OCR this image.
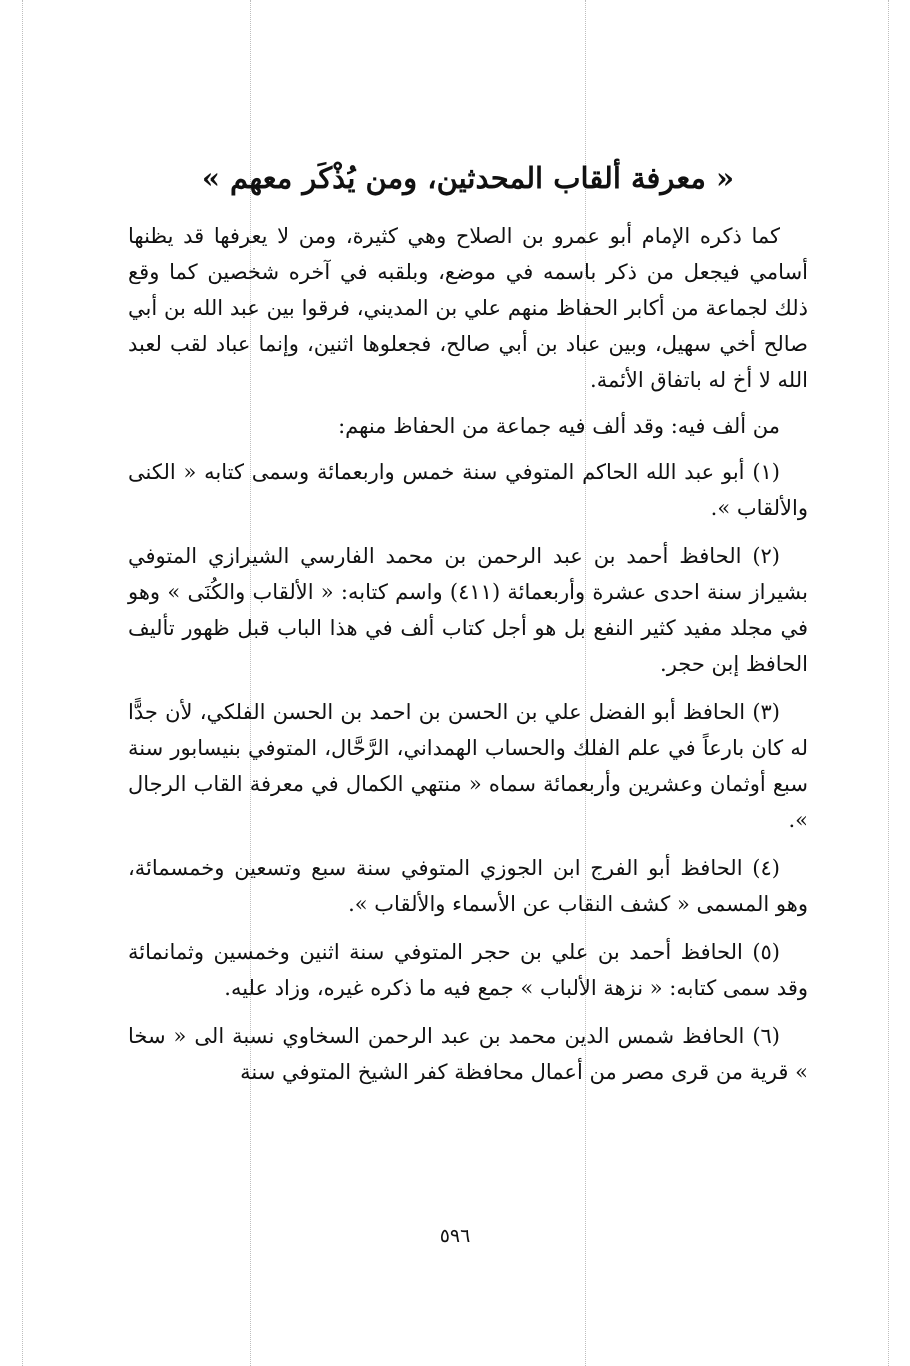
« معرفة ألقاب المحدثين، ومن يُذْكَر معهم »

كما ذكره الإمام أبو عمرو بن الصلاح وهي كثيرة، ومن لا يعرفها قد يظنها أسامي فيجعل من ذكر باسمه في موضع، وبلقبه في آخره شخصين كما وقع ذلك لجماعة من أكابر الحفاظ منهم علي بن المديني، فرقوا بين عبد الله بن أبي صالح أخي سهيل، وبين عباد بن أبي صالح، فجعلوها اثنين، وإنما عباد لقب لعبد الله لا أخ له باتفاق الأئمة.

من ألف فيه: وقد ألف فيه جماعة من الحفاظ منهم:

(١) أبو عبد الله الحاكم المتوفي سنة خمس واربعمائة وسمى كتابه « الكنى والألقاب ».

(٢) الحافظ أحمد بن عبد الرحمن بن محمد الفارسي الشيرازي المتوفي بشيراز سنة احدى عشرة وأربعمائة (٤١١) واسم كتابه: « الألقاب والكُنَى » وهو في مجلد مفيد كثير النفع بل هو أجل كتاب ألف في هذا الباب قبل ظهور تأليف الحافظ إبن حجر.

(٣) الحافظ أبو الفضل علي بن الحسن بن احمد بن الحسن الفلكي، لأن جدًّا له كان بارعاً في علم الفلك والحساب الهمداني، الرَّحَّال، المتوفي بنيسابور سنة سبع أوثمان وعشرين وأربعمائة سماه « منتهي الكمال في معرفة القاب الرجال ».

(٤) الحافظ أبو الفرج ابن الجوزي المتوفي سنة سبع وتسعين وخمسمائة، وهو المسمى « كشف النقاب عن الأسماء والألقاب ».

(٥) الحافظ أحمد بن علي بن حجر المتوفي سنة اثنين وخمسين وثمانمائة وقد سمى كتابه: « نزهة الألباب » جمع فيه ما ذكره غيره، وزاد عليه.

(٦) الحافظ شمس الدين محمد بن عبد الرحمن السخاوي نسبة الى « سخا » قرية من قرى مصر من أعمال محافظة كفر الشيخ المتوفي سنة

٥٩٦
